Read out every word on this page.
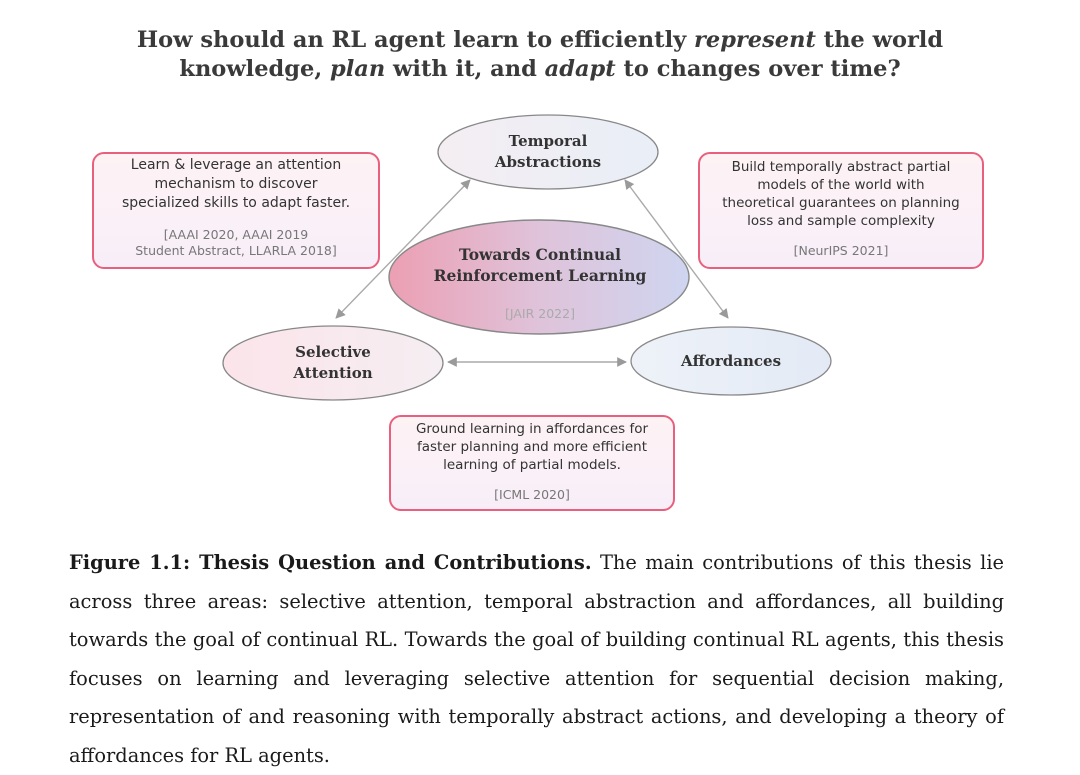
How should an RL agent learn to efficiently represent the world
knowledge, plan with it, and adapt to changes over time?
Temporal
Abstractions
Towards Continual
Reinforcement Learning
[JAIR 2022]
Selective
Attention
Affordances
Learn & leverage an attention
mechanism to discover
specialized skills to adapt faster.
[AAAI 2020, AAAI 2019
Student Abstract, LLARLA 2018]
Build temporally abstract partial
models of the world with
theoretical guarantees on planning
loss and sample complexity
[NeurIPS 2021]
Ground learning in affordances for
faster planning and more efficient
learning of partial models.
[ICML 2020]
Figure 1.1: Thesis Question and Contributions. The main contributions of this thesis lie across three areas: selective attention, temporal abstraction and affordances, all building towards the goal of continual RL. Towards the goal of building continual RL agents, this thesis focuses on learning and leveraging selective attention for sequential decision making, representation of and reasoning with temporally abstract actions, and developing a theory of affordances for RL agents.
